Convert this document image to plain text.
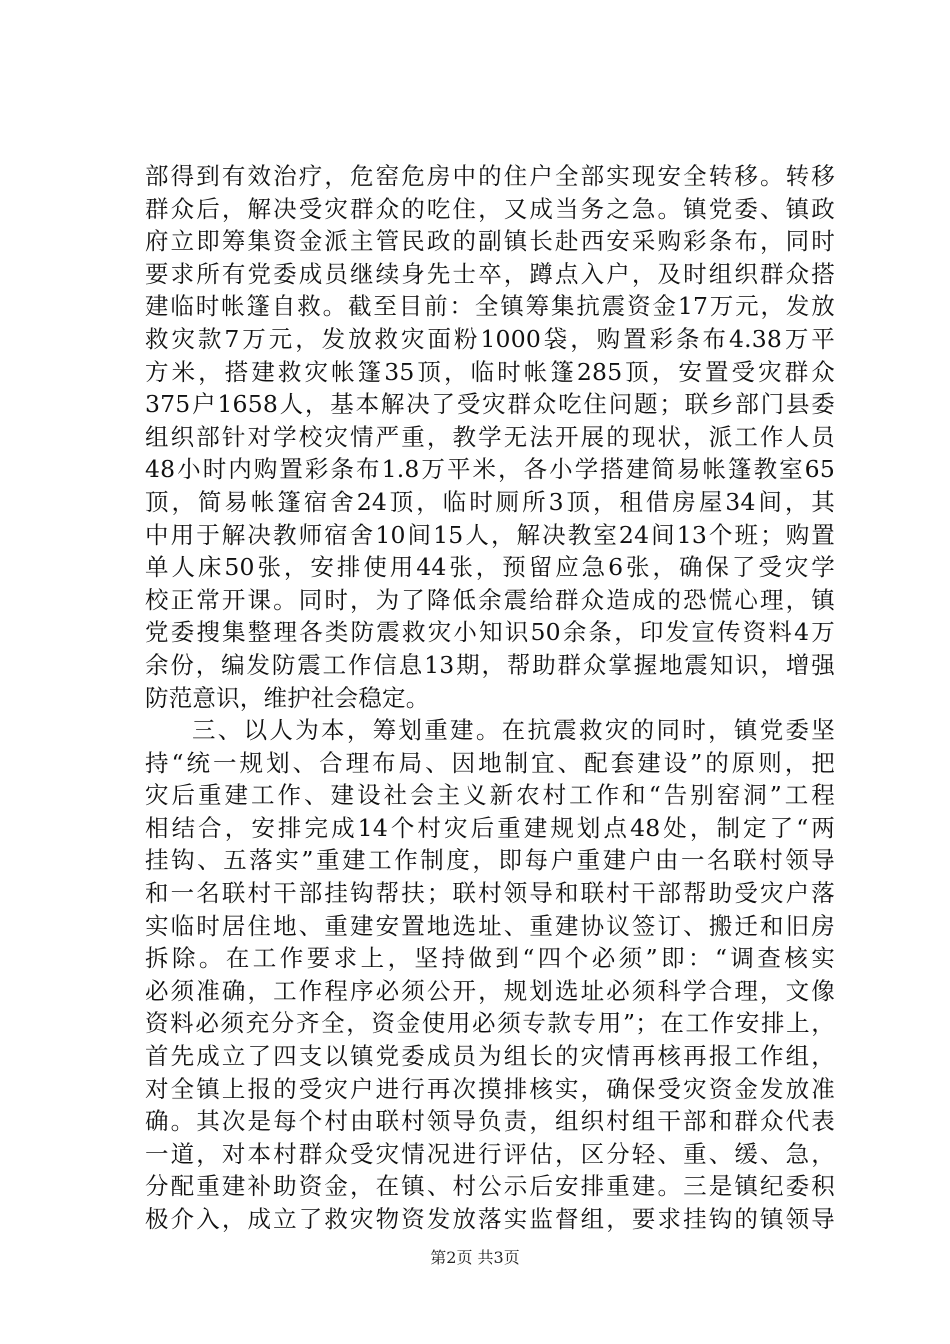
部得到有效治疗，危窑危房中的住户全部实现安全转移。转移
群众后，解决受灾群众的吃住，又成当务之急。镇党委、镇政
府立即筹集资金派主管民政的副镇长赴西安采购彩条布，同时
要求所有党委成员继续身先士卒，蹲点入户，及时组织群众搭
建临时帐篷自救。截至目前：全镇筹集抗震资金17万元，发放
救灾款7万元，发放救灾面粉1000袋，购置彩条布4.38万平
方米，搭建救灾帐篷35顶，临时帐篷285顶，安置受灾群众
375户1658人，基本解决了受灾群众吃住问题；联乡部门县委
组织部针对学校灾情严重，教学无法开展的现状，派工作人员
48小时内购置彩条布1.8万平米，各小学搭建简易帐篷教室65
顶，简易帐篷宿舍24顶，临时厕所3顶，租借房屋34间，其
中用于解决教师宿舍10间15人，解决教室24间13个班；购置
单人床50张，安排使用44张，预留应急6张，确保了受灾学
校正常开课。同时，为了降低余震给群众造成的恐慌心理，镇
党委搜集整理各类防震救灾小知识50余条，印发宣传资料4万
余份，编发防震工作信息13期，帮助群众掌握地震知识，增强
防范意识，维护社会稳定。
三、以人为本，筹划重建。在抗震救灾的同时，镇党委坚
持“统一规划、合理布局、因地制宜、配套建设”的原则，把
灾后重建工作、建设社会主义新农村工作和“告别窑洞”工程
相结合，安排完成14个村灾后重建规划点48处，制定了“两
挂钩、五落实”重建工作制度，即每户重建户由一名联村领导
和一名联村干部挂钩帮扶；联村领导和联村干部帮助受灾户落
实临时居住地、重建安置地选址、重建协议签订、搬迁和旧房
拆除。在工作要求上，坚持做到“四个必须”即：“调查核实
必须准确，工作程序必须公开，规划选址必须科学合理，文像
资料必须充分齐全，资金使用必须专款专用”；在工作安排上，
首先成立了四支以镇党委成员为组长的灾情再核再报工作组，
对全镇上报的受灾户进行再次摸排核实，确保受灾资金发放准
确。其次是每个村由联村领导负责，组织村组干部和群众代表
一道，对本村群众受灾情况进行评估，区分轻、重、缓、急，
分配重建补助资金，在镇、村公示后安排重建。三是镇纪委积
极介入，成立了救灾物资发放落实监督组，要求挂钩的镇领导
第2页 共3页
